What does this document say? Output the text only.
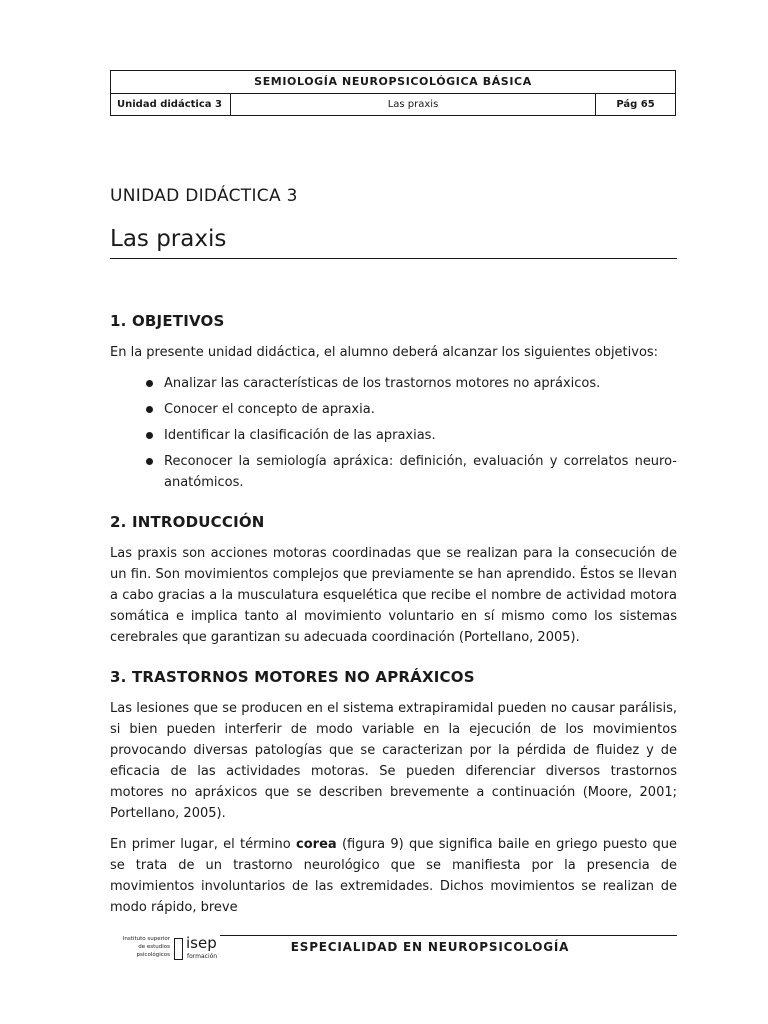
SEMIOLOGÍA NEUROPSICOLÓGICA BÁSICA
Unidad didáctica 3	Las praxis	Pág 65
UNIDAD DIDÁCTICA 3
Las praxis
1. OBJETIVOS

En la presente unidad didáctica, el alumno deberá alcanzar los siguientes objetivos:

Analizar las características de los trastornos motores no apráxicos.
Conocer el concepto de apraxia.
Identificar la clasificación de las apraxias.
Reconocer la semiología apráxica: definición, evaluación y correlatos neuro-anatómicos.
2. INTRODUCCIÓN

Las praxis son acciones motoras coordinadas que se realizan para la consecución de un fin. Son movimientos complejos que previamente se han aprendido. Éstos se llevan a cabo gracias a la musculatura esquelética que recibe el nombre de actividad motora somática e implica tanto al movimiento voluntario en sí mismo como los sistemas cerebrales que garantizan su adecuada coordinación (Portellano, 2005).

3. TRASTORNOS MOTORES NO APRÁXICOS

Las lesiones que se producen en el sistema extrapiramidal pueden no causar parálisis, si bien pueden interferir de modo variable en la ejecución de los movimientos provocando diversas patologías que se caracterizan por la pérdida de fluidez y de eficacia de las actividades motoras. Se pueden diferenciar diversos trastornos motores no apráxicos que se describen brevemente a continuación (Moore, 2001; Portellano, 2005).

En primer lugar, el término corea (figura 9) que significa baile en griego puesto que se trata de un trastorno neurológico que se manifiesta por la presencia de movimientos involuntarios de las extremidades. Dichos movimientos se realizan de modo rápido, breve

Instituto superior
de estudios
psicológicos
isep
formación
ESPECIALIDAD EN NEUROPSICOLOGÍA
